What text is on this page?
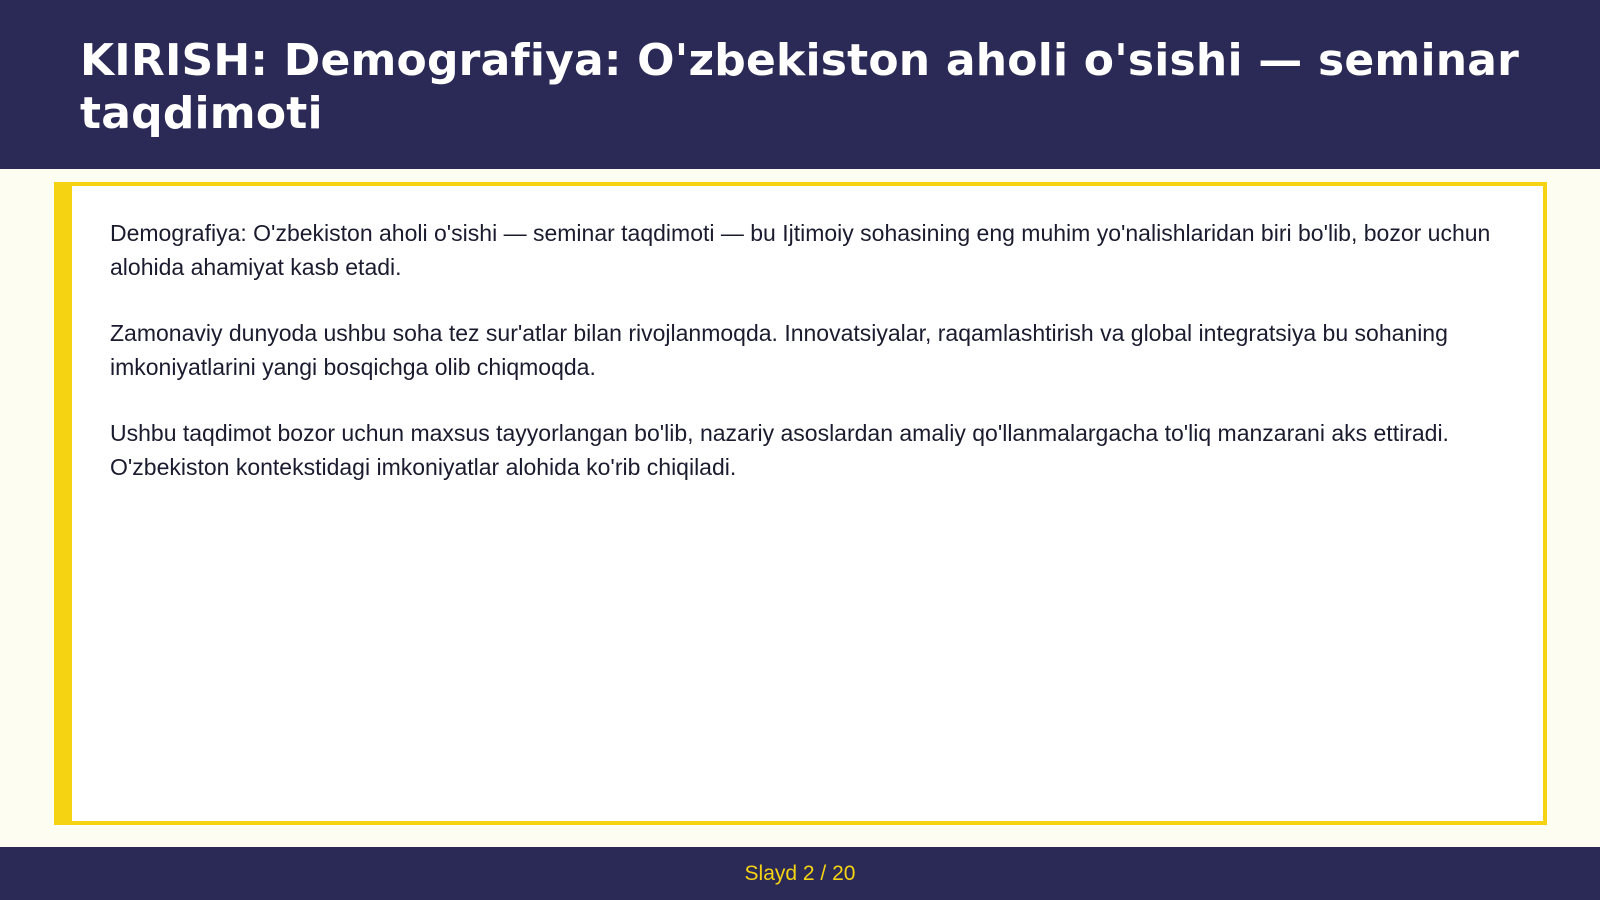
KIRISH: Demografiya: O'zbekiston aholi o'sishi — seminar taqdimoti

Demografiya: O'zbekiston aholi o'sishi — seminar taqdimoti — bu Ijtimoiy sohasining eng muhim yo'nalishlaridan biri bo'lib, bozor uchun alohida ahamiyat kasb etadi.

Zamonaviy dunyoda ushbu soha tez sur'atlar bilan rivojlanmoqda. Innovatsiyalar, raqamlashtirish va global integratsiya bu sohaning imkoniyatlarini yangi bosqichga olib chiqmoqda.

Ushbu taqdimot bozor uchun maxsus tayyorlangan bo'lib, nazariy asoslardan amaliy qo'llanmalargacha to'liq manzarani aks ettiradi. O'zbekiston kontekstidagi imkoniyatlar alohida ko'rib chiqiladi.

Slayd 2 / 20
